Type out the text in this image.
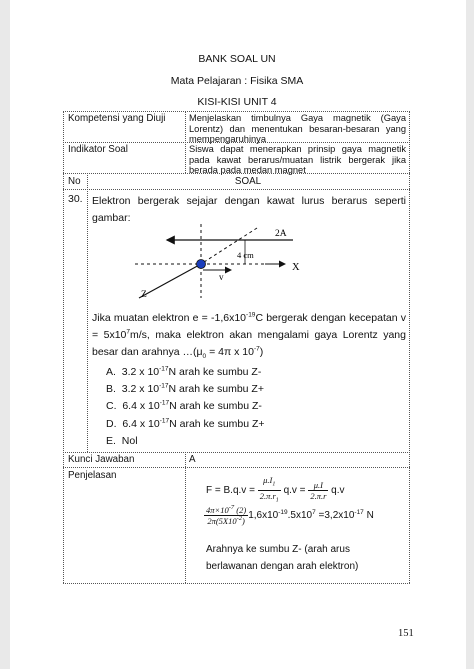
BANK SOAL UN
Mata Pelajaran : Fisika SMA
KISI-KISI UNIT 4
Kompetensi yang Diuji	Menjelaskan timbulnya Gaya magnetik (Gaya Lorentz) dan menentukan besaran-besaran yang mempengaruhinya
Indikator Soal	Siswa dapat menerapkan prinsip gaya magnetik pada kawat berarus/muatan listrik bergerak jika berada pada medan magnet
No	SOAL
30. Elektron bergerak sejajar dengan kawat lurus berarus seperti gambar:
2A
4 cm
v
X
Z
Jika muatan elektron $e = -1,6x10^{-19}C$ bergerak dengan kecepatan $v = 5x10^7m/s$, maka elektron akan mengalami gaya Lorentz yang besar dan arahnya $\dots(\mu_0 = 4\pi$ x $10^{-7}$)
A. 3.2 x $10^{-17}N$ arah ke sumbu Z-
B. 3.2 x $10^{-17}N$ arah ke sumbu Z+
C. 6.4 x $10^{-17}N$ arah ke sumbu Z-
D. 6.4 x $10^{-17}N$ arah ke sumbu Z+
E. Nol
Kunci Jawaban	A
Penjelasan
$F = B.q.v = \frac{\mu.I_1}{2.\pi.r_1} q.v = \frac{\mu.I}{2.\pi.r} q.v$
$\frac{4\pi\times 10^{-7} (2)}{2\pi(5X10^{-2})} 1,6x10^{-19}.5x10^7 =3,2x10^{-17}$ N
Arahnya ke sumbu Z- (arah arus
berlawanan dengan arah elektron)
151
